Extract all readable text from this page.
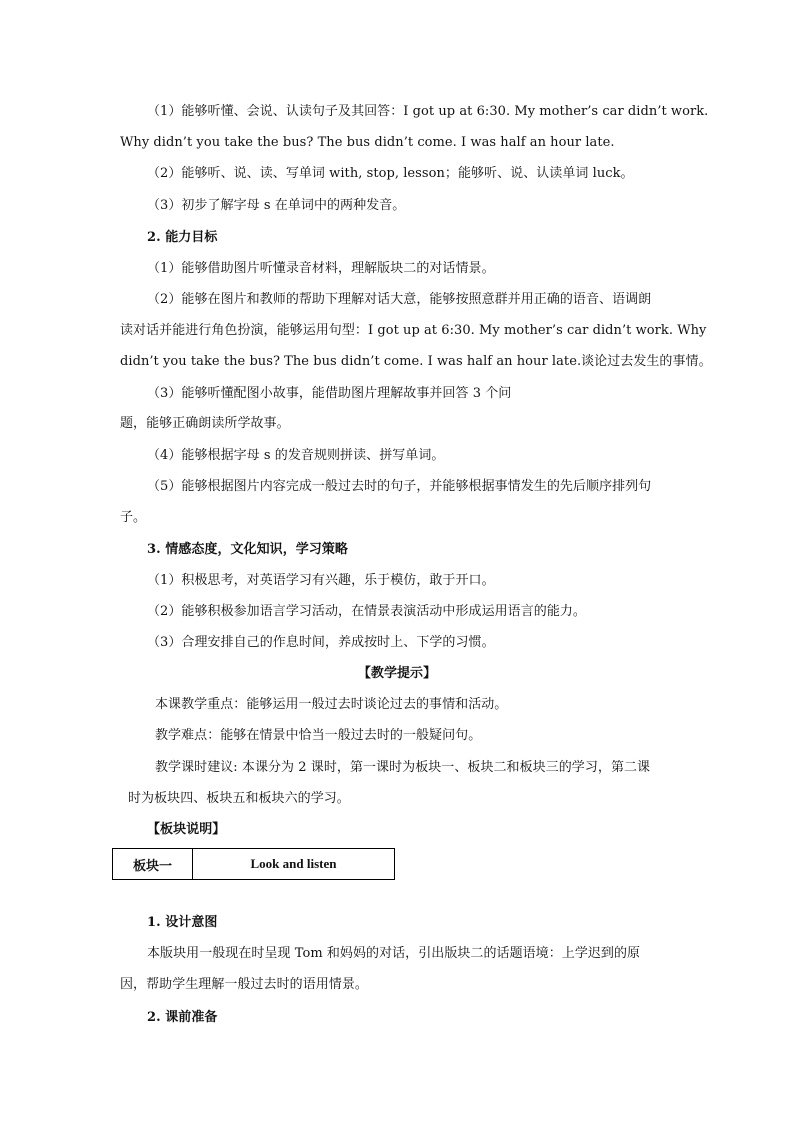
（1）能够听懂、会说、认读句子及其回答：I got up at 6:30. My mother’s car didn’t work.
Why didn’t you take the bus? The bus didn’t come. I was half an hour late.
（2）能够听、说、读、写单词 with, stop, lesson；能够听、说、认读单词 luck。
（3）初步了解字母 s 在单词中的两种发音。
2. 能力目标
（1）能够借助图片听懂录音材料，理解版块二的对话情景。
（2）能够在图片和教师的帮助下理解对话大意，能够按照意群并用正确的语音、语调朗
读对话并能进行角色扮演，能够运用句型：I got up at 6:30. My mother’s car didn’t work. Why
didn’t you take the bus? The bus didn’t come. I was half an hour late.谈论过去发生的事情。
（3）能够听懂配图小故事，能借助图片理解故事并回答 3 个问
题，能够正确朗读所学故事。
（4）能够根据字母 s 的发音规则拼读、拼写单词。
（5）能够根据图片内容完成一般过去时的句子，并能够根据事情发生的先后顺序排列句
子。
3. 情感态度，文化知识，学习策略
（1）积极思考，对英语学习有兴趣，乐于模仿，敢于开口。
（2）能够积极参加语言学习活动，在情景表演活动中形成运用语言的能力。
（3）合理安排自己的作息时间，养成按时上、下学的习惯。
【教学提示】
本课教学重点：能够运用一般过去时谈论过去的事情和活动。
教学难点：能够在情景中恰当一般过去时的一般疑问句。
教学课时建议: 本课分为 2 课时，第一课时为板块一、板块二和板块三的学习，第二课
时为板块四、板块五和板块六的学习。
【板块说明】
板块一	Look and listen
1. 设计意图
本版块用一般现在时呈现 Tom 和妈妈的对话，引出版块二的话题语境：上学迟到的原
因，帮助学生理解一般过去时的语用情景。
2. 课前准备
